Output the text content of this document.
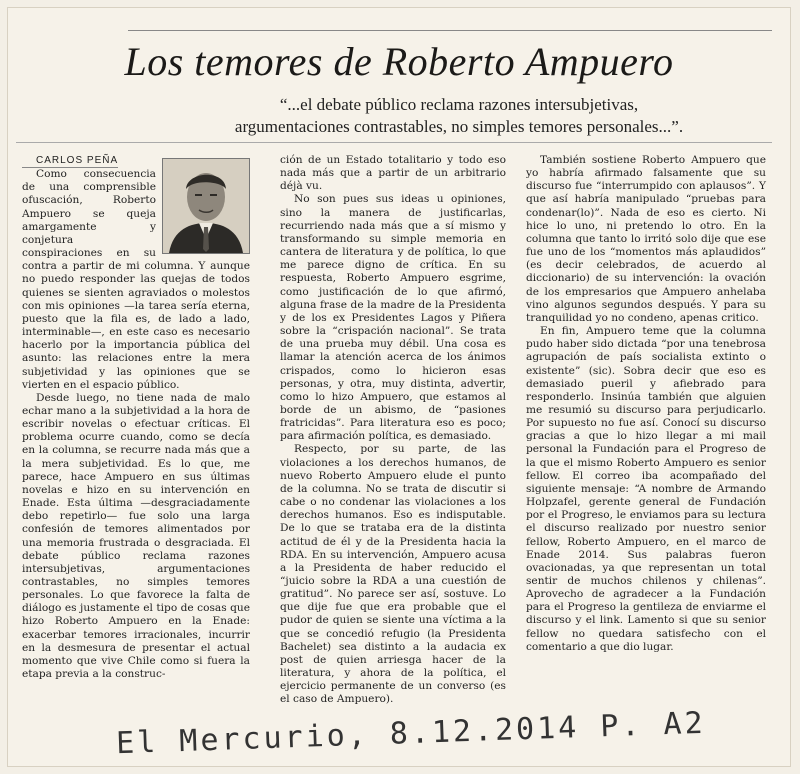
Los temores de Roberto Ampuero
“...el debate público reclama razones intersubjetivas,
argumentaciones contrastables, no simples temores personales...”.

CARLOS PEÑA

Como consecuencia de una comprensible ofuscación, Roberto Ampuero se queja amargamente y conjetura conspiraciones en su contra a partir de mi columna. Y aunque no puedo responder las quejas de todos quienes se sienten agraviados o molestos con mis opiniones —la tarea sería eterna, puesto que la fila es, de lado a lado, interminable—, en este caso es necesario hacerlo por la importancia pública del asunto: las relaciones entre la mera subjetividad y las opiniones que se vierten en el espacio público.

Desde luego, no tiene nada de malo echar mano a la subjetividad a la hora de escribir novelas o efectuar críticas. El problema ocurre cuando, como se decía en la columna, se recurre nada más que a la mera subjetividad. Es lo que, me parece, hace Ampuero en sus últimas novelas e hizo en su intervención en Enade. Esta última —desgraciadamente debo repetirlo— fue solo una larga confesión de temores alimentados por una memoria frustrada o desgraciada. El debate público reclama razones intersubjetivas, argumentaciones contrastables, no simples temores personales. Lo que favorece la falta de diálogo es justamente el tipo de cosas que hizo Roberto Ampuero en la Enade: exacerbar temores irracionales, incurrir en la desmesura de presentar el actual momento que vive Chile como si fuera la etapa previa a la construc-

ción de un Estado totalitario y todo eso nada más que a partir de un arbitrario déjà vu.

No son pues sus ideas u opiniones, sino la manera de justificarlas, recurriendo nada más que a sí mismo y transformando su simple memoria en cantera de literatura y de política, lo que me parece digno de crítica. En su respuesta, Roberto Ampuero esgrime, como justificación de lo que afirmó, alguna frase de la madre de la Presidenta y de los ex Presidentes Lagos y Piñera sobre la “crispación nacional”. Se trata de una prueba muy débil. Una cosa es llamar la atención acerca de los ánimos crispados, como lo hicieron esas personas, y otra, muy distinta, advertir, como lo hizo Ampuero, que estamos al borde de un abismo, de “pasiones fratricidas”. Para literatura eso es poco; para afirmación política, es demasiado.

Respecto, por su parte, de las violaciones a los derechos humanos, de nuevo Roberto Ampuero elude el punto de la columna. No se trata de discutir si cabe o no condenar las violaciones a los derechos humanos. Eso es indisputable. De lo que se trataba era de la distinta actitud de él y de la Presidenta hacia la RDA. En su intervención, Ampuero acusa a la Presidenta de haber reducido el “juicio sobre la RDA a una cuestión de gratitud”. No parece ser así, sostuve. Lo que dije fue que era probable que el pudor de quien se siente una víctima a la que se concedió refugio (la Presidenta Bachelet) sea distinto a la audacia ex post de quien arriesga hacer de la literatura, y ahora de la política, el ejercicio permanente de un converso (es el caso de Ampuero).

También sostiene Roberto Ampuero que yo habría afirmado falsamente que su discurso fue “interrumpido con aplausos”. Y que así habría manipulado “pruebas para condenar(lo)”. Nada de eso es cierto. Ni hice lo uno, ni pretendo lo otro. En la columna que tanto lo irritó solo dije que ese fue uno de los “momentos más aplaudidos” (es decir celebrados, de acuerdo al diccionario) de su intervención: la ovación de los empresarios que Ampuero anhelaba vino algunos segundos después. Y para su tranquilidad yo no condeno, apenas critico.

En fin, Ampuero teme que la columna pudo haber sido dictada “por una tenebrosa agrupación de país socialista extinto o existente” (sic). Sobra decir que eso es demasiado pueril y afiebrado para responderlo. Insinúa también que alguien me resumió su discurso para perjudicarlo. Por supuesto no fue así. Conocí su discurso gracias a que lo hizo llegar a mi mail personal la Fundación para el Progreso de la que el mismo Roberto Ampuero es senior fellow. El correo iba acompañado del siguiente mensaje: “A nombre de Armando Holpzafel, gerente general de Fundación por el Progreso, le enviamos para su lectura el discurso realizado por nuestro senior fellow, Roberto Ampuero, en el marco de Enade 2014. Sus palabras fueron ovacionadas, ya que representan un total sentir de muchos chilenos y chilenas”. Aprovecho de agradecer a la Fundación para el Progreso la gentileza de enviarme el discurso y el link. Lamento si que su senior fellow no quedara satisfecho con el comentario a que dio lugar.

El Mercurio, 8.12.2014 P. A2
